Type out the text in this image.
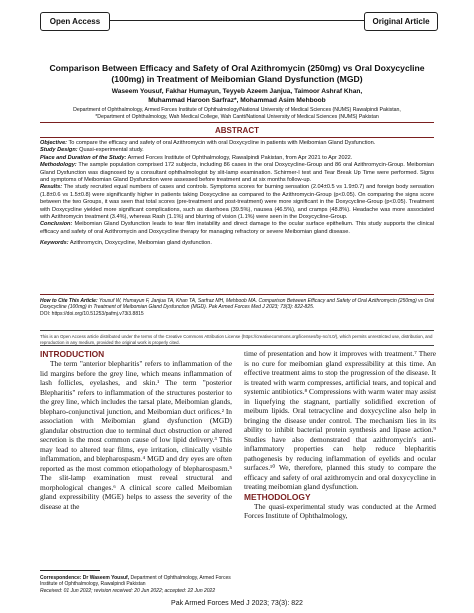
Open Access	Original Article
Comparison Between Efficacy and Safety of Oral Azithromycin (250mg) vs Oral Doxycycline
(100mg) in Treatment of Meibomian Gland Dysfunction (MGD)
Waseem Yousuf, Fakhar Humayun, Teyyeb Azeem Janjua, Taimoor Ashraf Khan,
Muhammad Haroon Sarfraz*, Mohammad Asim Mehboob
Department of Ophthalmology, Armed Forces Institute of Ophthalmology/National University of Medical Sciences (NUMS) Rawalpindi Pakistan,
*Department of Ophthalmology, Wah Medical College, Wah Cantt/National University of Medical Sciences (NUMS) Pakistan
ABSTRACT

Objective: To compare the efficacy and safety of oral Azithromycin with oral Doxycycline in patients with Meibomian Gland Dysfunction.

Study Design: Quasi-experimental study.

Place and Duration of the Study: Armed Forces Institute of Ophthalmology, Rawalpindi Pakistan, from Apr 2021 to Apr 2022.

Methodology: The sample population comprised 172 subjects, including 86 cases in the oral Doxycycline-Group and 86 oral Azithromycin-Group. Meibomian Gland Dysfunction was diagnosed by a consultant ophthalmologist by slit-lamp examination. Schirmer-I test and Tear Break Up Time were performed. Signs and symptoms of Meibomian Gland Dysfunction were assessed before treatment and at six months follow-up.

Results: The study recruited equal numbers of cases and controls. Symptoms scores for burning sensation (2.04±0.5 vs 1.9±0.7) and foreign body sensation (1.8±0.6 vs 1.5±0.8) were significantly higher in patients taking Doxycycline as compared to the Azithromycin-Group (p<0.05). On comparing the signs score between the two Groups, it was seen that total scores (pre-treatment and post-treatment) were more significant in the Doxycycline-Group (p<0.05). Treatment with Doxycycline yielded more significant complications, such as diarrhoea (39.5%), nausea (46.5%), and cramps (48.8%). Headache was more associated with Azithromycin treatment (3.4%), whereas Rash (1.1%) and blurring of vision (1.1%) were seen in the Doxycycline-Group.

Conclusion: Meibomian Gland Dysfunction leads to tear film instability and direct damage to the ocular surface epithelium. This study supports the clinical efficacy and safety of oral Azithromycin and Doxycycline therapy for managing refractory or severe Meibomian gland disease.

Keywords: Azithromycin, Doxycycline, Meibomian gland dysfunction.

How to Cite This Article: Yousuf W, Humayun F, Janjua TA, Khan TA, Sarfraz MH, Mehboob MA. Comparison Between Efficacy and Safety of Oral Azithromycin (250mg) vs Oral Doxycycline (100mg) in Treatment of Meibomian Gland Dysfunction (MGD). Pak Armed Forces Med J 2023; 73(3): 822-825.
DOI: https://doi.org/10.51253/pafmj.v73i3.8815
This is an Open Access article distributed under the terms of the Creative Commons Attribution License (https://creativecommons.org/licenses/by-nc/4.0/), which permits unrestricted use, distribution, and reproduction in any medium, provided the original work is properly cited.
INTRODUCTION

The term "anterior blepharitis" refers to inflammation of the lid margins before the grey line, which means inflammation of lash follicles, eyelashes, and skin.¹ The term "posterior Blepharitis" refers to inflammation of the structures posterior to the grey line, which includes the tarsal plate, Meibomian glands, blepharo-conjunctival junction, and Meibomian duct orifices.² In association with Meibomian gland dysfunction (MGD) glandular obstruction due to terminal duct obstruction or altered secretion is the most common cause of low lipid delivery.³ This may lead to altered tear films, eye irritation, clinically visible inflammation, and blepharospasm.⁴ MGD and dry eyes are often reported as the most common etiopathology of blepharospasm.⁵ The slit-lamp examination must reveal structural and morphological changes.⁶ A clinical score called Meibomian gland expressibility (MGE) helps to assess the severity of the disease at the

time of presentation and how it improves with treatment.⁷ There is no cure for meibomian gland expressibility at this time. An effective treatment aims to stop the progression of the disease. It is treated with warm compresses, artificial tears, and topical and systemic antibiotics.⁸ Compressions with warm water may assist in liquefying the stagnant, partially solidified excretion of meibum lipids. Oral tetracycline and doxycycline also help in bringing the disease under control. The mechanism lies in its ability to inhibit bacterial protein synthesis and lipase action.⁹ Studies have also demonstrated that azithromycin's anti-inflammatory properties can help reduce blepharitis pathogenesis by reducing inflammation of eyelids and ocular surfaces.¹⁰ We, therefore, planned this study to compare the efficacy and safety of oral azithromycin and oral doxycycline in treating meibomian gland dysfunction.

METHODOLOGY

The quasi-experimental study was conducted at the Armed Forces Institute of Ophthalmology,

Correspondence: Dr Waseem Yousuf, Department of Ophthalmology, Armed Forces Institute of Ophthalmology, Rawalpindi Pakistan
Received: 01 Jun 2022; revision received: 20 Jun 2022; accepted: 22 Jun 2022
Pak Armed Forces Med J 2023; 73(3): 822
